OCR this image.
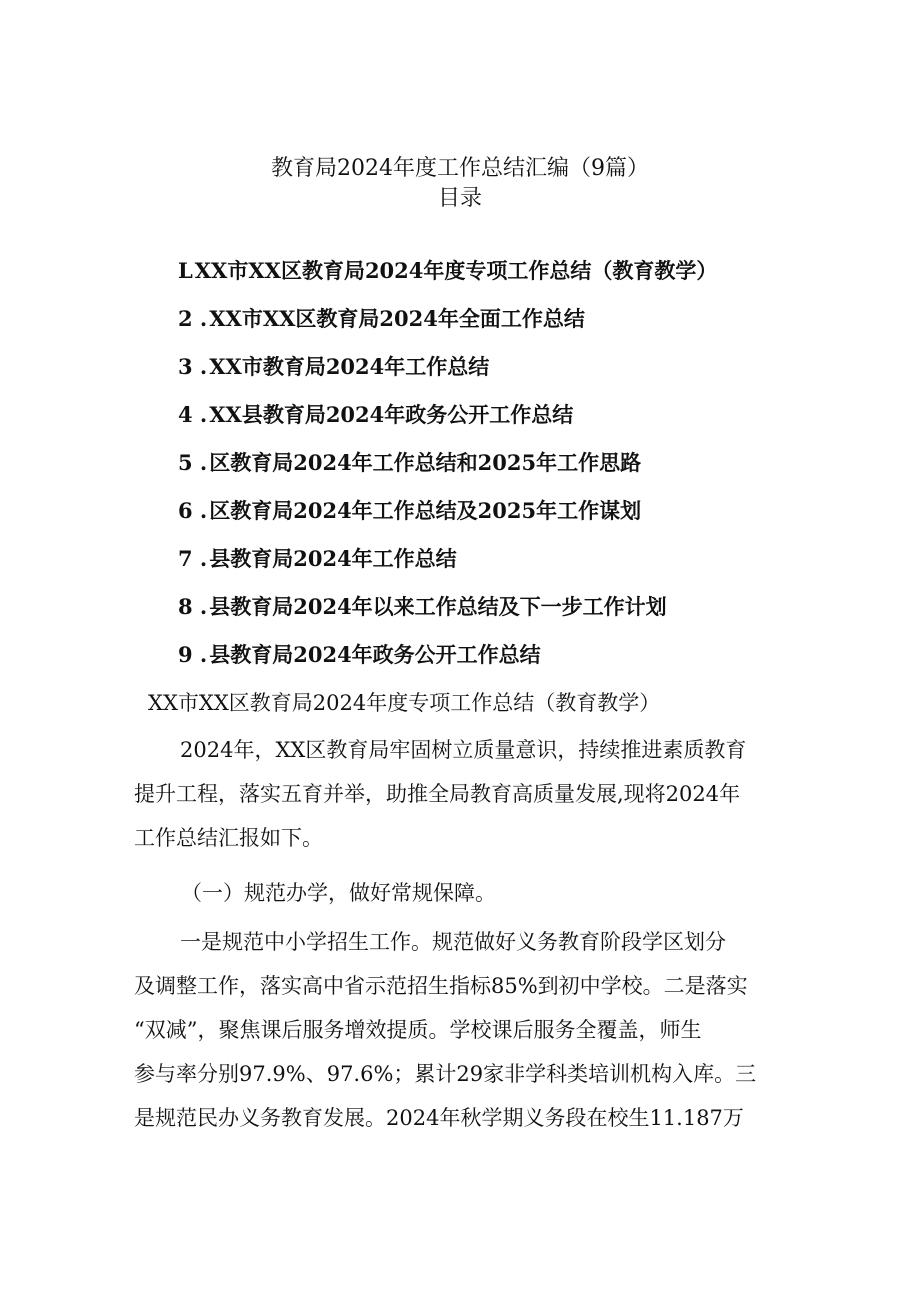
教育局2024年度工作总结汇编（9篇）
目录
LXX市XX区教育局2024年度专项工作总结（教育教学）
2 .XX市XX区教育局2024年全面工作总结
3 .XX市教育局2024年工作总结
4 .XX县教育局2024年政务公开工作总结
5 .区教育局2024年工作总结和2025年工作思路
6 .区教育局2024年工作总结及2025年工作谋划
7 .县教育局2024年工作总结
8 .县教育局2024年以来工作总结及下一步工作计划
9 .县教育局2024年政务公开工作总结
XX市XX区教育局2024年度专项工作总结（教育教学）

2024年，XX区教育局牢固树立质量意识，持续推进素质教育
提升工程，落实五育并举，助推全局教育高质量发展,现将2024年
工作总结汇报如下。

（一）规范办学，做好常规保障。

一是规范中小学招生工作。规范做好义务教育阶段学区划分
及调整工作，落实高中省示范招生指标85%到初中学校。二是落实
“双减”，聚焦课后服务增效提质。学校课后服务全覆盖，师生
参与率分别97.9%、97.6%；累计29家非学科类培训机构入库。三
是规范民办义务教育发展。2024年秋学期义务段在校生11.187万
